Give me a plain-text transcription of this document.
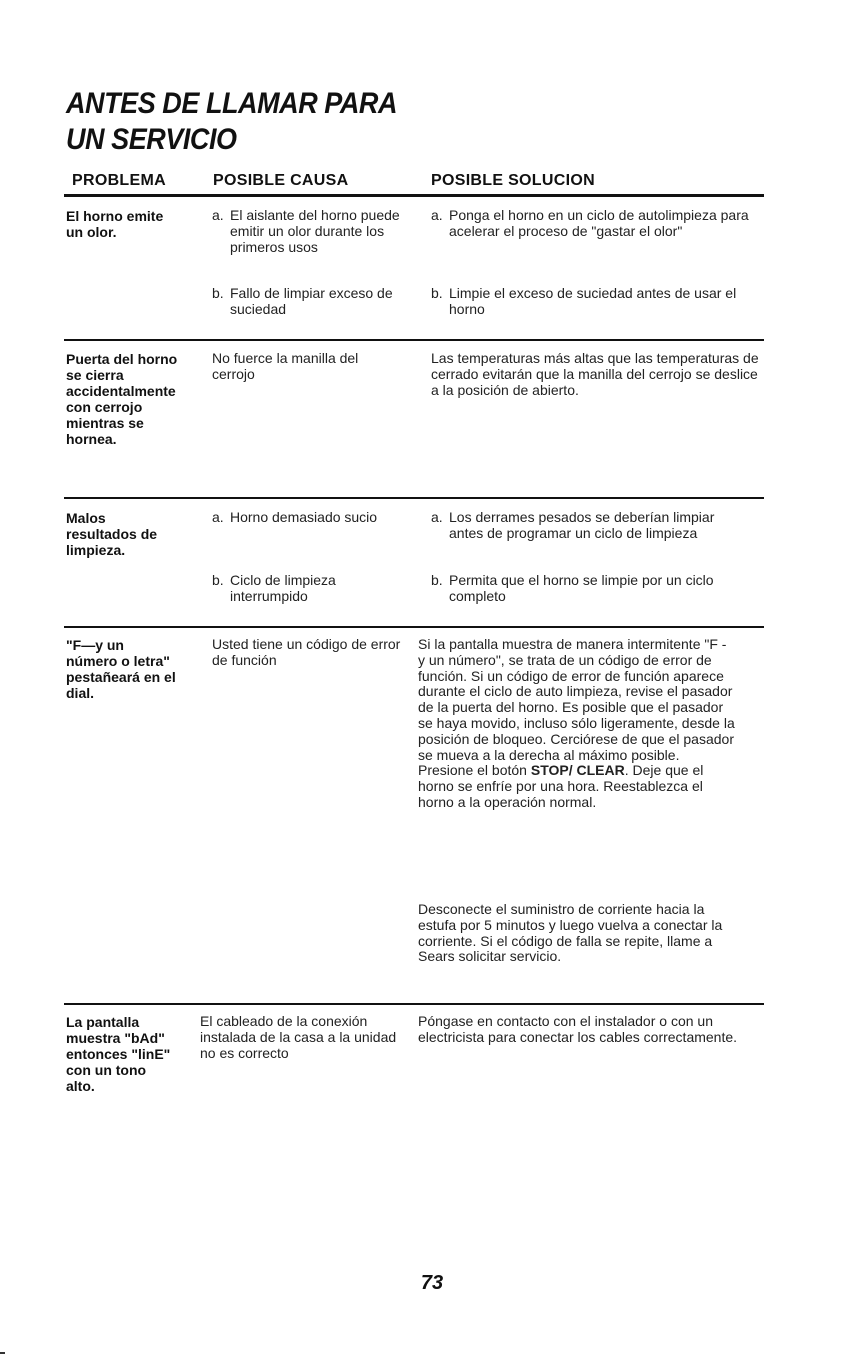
ANTES DE LLAMAR PARA
UN SERVICIO
PROBLEMA	POSIBLE CAUSA	POSIBLE SOLUCION
El horno emite un olor.
a. El aislante del horno puede emitir un olor durante los primeros usos
b. Fallo de limpiar exceso de suciedad
a. Ponga el horno en un ciclo de autolimpieza para acelerar el proceso de "gastar el olor"
b. Limpie el exceso de suciedad antes de usar el horno
Puerta del horno se cierra accidentalmente con cerrojo mientras se hornea.
No fuerce la manilla del cerrojo
Las temperaturas más altas que las temperaturas de cerrado evitarán que la manilla del cerrojo se deslice a la posición de abierto.
Malos resultados de limpieza.
a. Horno demasiado sucio
b. Ciclo de limpieza interrumpido
a. Los derrames pesados se deberían limpiar antes de programar un ciclo de limpieza
b. Permita que el horno se limpie por un ciclo completo
"F—y un número o letra" pestañeará en el dial.
Usted tiene un código de error de función
Si la pantalla muestra de manera intermitente "F - y un número", se trata de un código de error de función. Si un código de error de función aparece durante el ciclo de auto limpieza, revise el pasador de la puerta del horno. Es posible que el pasador se haya movido, incluso sólo ligeramente, desde la posición de bloqueo. Cerciórese de que el pasador se mueva a la derecha al máximo posible. Presione el botón STOP/ CLEAR. Deje que el horno se enfríe por una hora. Reestablezca el horno a la operación normal.
Desconecte el suministro de corriente hacia la estufa por 5 minutos y luego vuelva a conectar la corriente. Si el código de falla se repite, llame a Sears solicitar servicio.
La pantalla muestra "bAd" entonces "linE" con un tono alto.
El cableado de la conexión instalada de la casa a la unidad no es correcto
Póngase en contacto con el instalador o con un electricista para conectar los cables correctamente.
73
